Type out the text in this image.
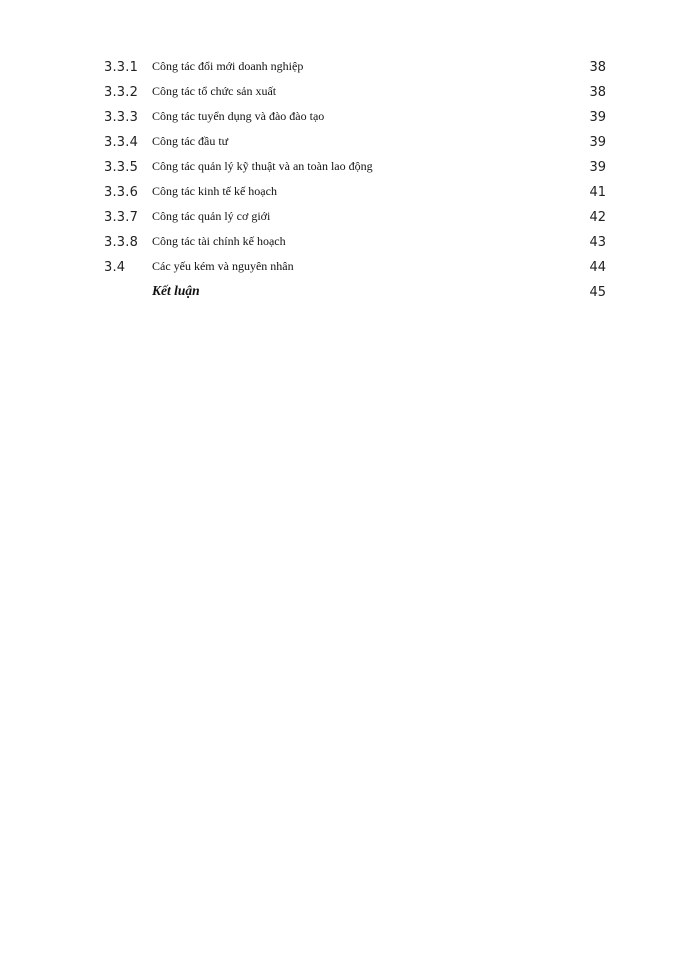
3.3.1 Công tác đổi mới doanh nghiệp	38
3.3.2 Công tác tổ chức sản xuất	38
3.3.3 Công tác tuyển dụng và đào đào tạo	39
3.3.4 Công tác đầu tư	39
3.3.5 Công tác quản lý kỹ thuật và an toàn lao động	39
3.3.6 Công tác kinh tế kế hoạch	41
3.3.7 Công tác quản lý cơ giới	42
3.3.8 Công tác tài chính kế hoạch	43
3.4 Các yếu kém và nguyên nhân	44
Kết luận	45
